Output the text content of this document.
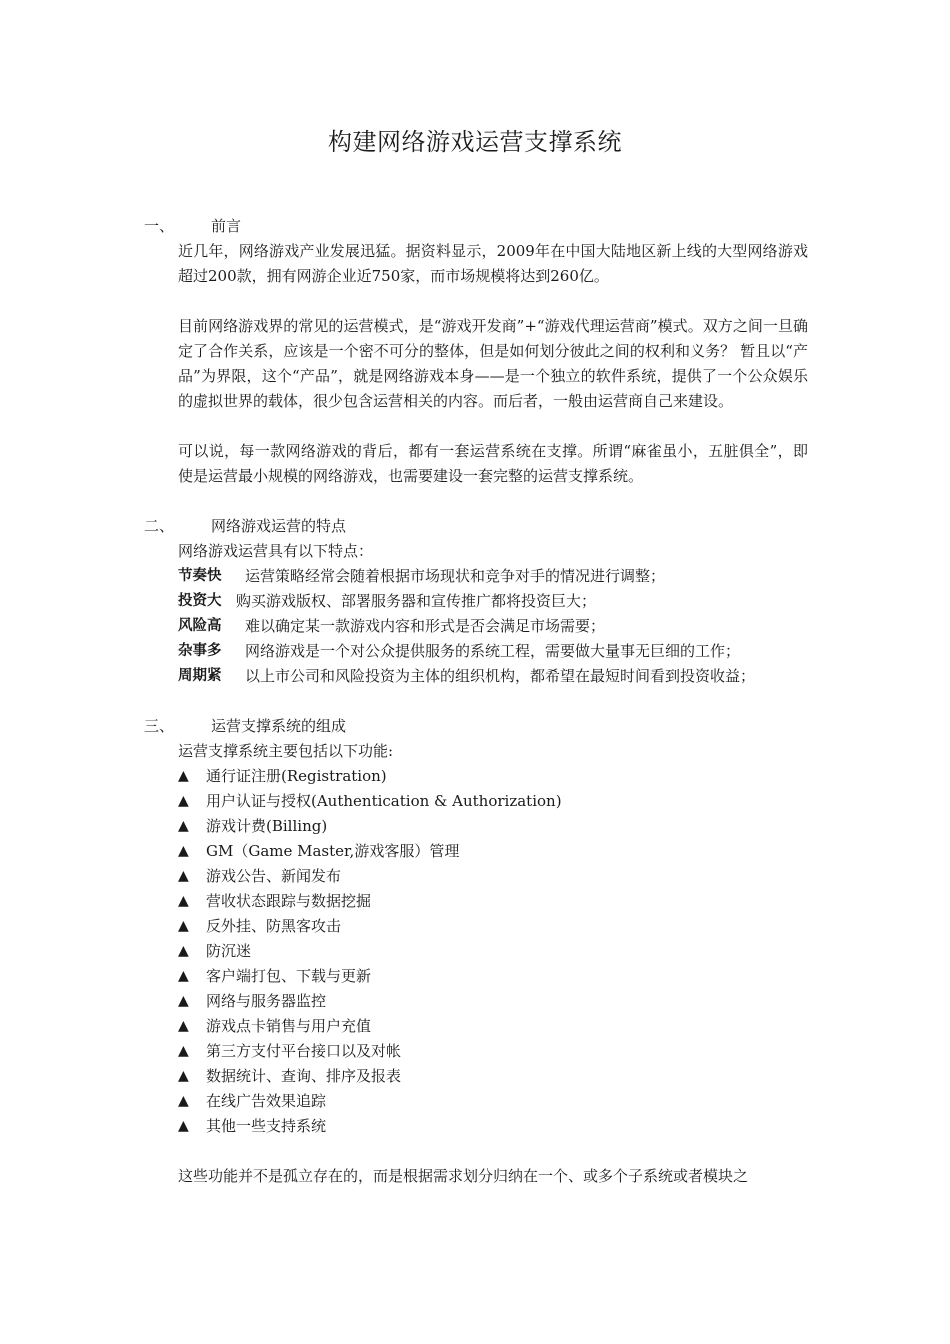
构建网络游戏运营支撑系统
一、	前言
近几年，网络游戏产业发展迅猛。据资料显示，2009年在中国大陆地区新上线的大型网络游戏超过200款，拥有网游企业近750家，而市场规模将达到260亿。
目前网络游戏界的常见的运营模式，是“游戏开发商”+“游戏代理运营商”模式。双方之间一旦确定了合作关系，应该是一个密不可分的整体，但是如何划分彼此之间的权利和义务？ 暂且以“产品”为界限，这个“产品”，就是网络游戏本身——是一个独立的软件系统，提供了一个公众娱乐的虚拟世界的载体，很少包含运营相关的内容。而后者，一般由运营商自己来建设。
可以说，每一款网络游戏的背后，都有一套运营系统在支撑。所谓“麻雀虽小，五脏俱全”，即使是运营最小规模的网络游戏，也需要建设一套完整的运营支撑系统。
二、	网络游戏运营的特点
网络游戏运营具有以下特点：
节奏快	运营策略经常会随着根据市场现状和竞争对手的情况进行调整；
投资大 购买游戏版权、部署服务器和宣传推广都将投资巨大；
风险高	难以确定某一款游戏内容和形式是否会满足市场需要；
杂事多	网络游戏是一个对公众提供服务的系统工程，需要做大量事无巨细的工作；
周期紧	以上市公司和风险投资为主体的组织机构，都希望在最短时间看到投资收益；
三、	运营支撑系统的组成
运营支撑系统主要包括以下功能:
▲	通行证注册(Registration)
▲	用户认证与授权(Authentication & Authorization)
▲	游戏计费(Billing)
▲	GM（Game Master,游戏客服）管理
▲	游戏公告、新闻发布
▲	营收状态跟踪与数据挖掘
▲	反外挂、防黑客攻击
▲	防沉迷
▲	客户端打包、下载与更新
▲	网络与服务器监控
▲	游戏点卡销售与用户充值
▲	第三方支付平台接口以及对帐
▲	数据统计、查询、排序及报表
▲	在线广告效果追踪
▲	其他一些支持系统
这些功能并不是孤立存在的，而是根据需求划分归纳在一个、或多个子系统或者模块之
